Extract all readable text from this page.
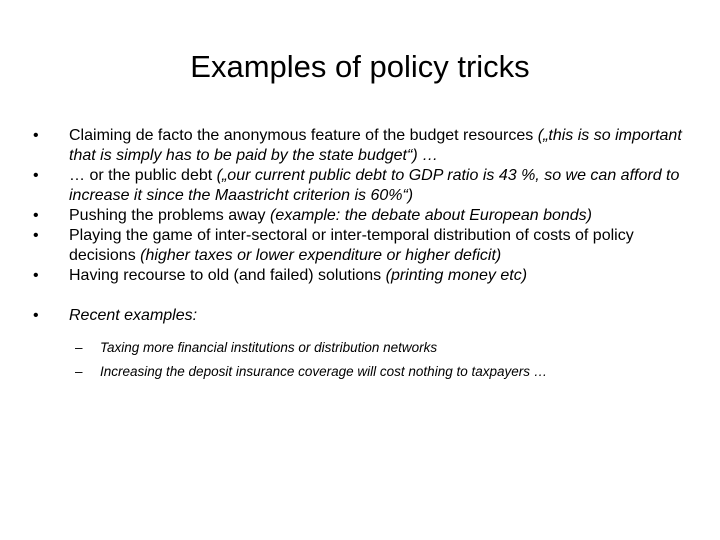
Examples of policy tricks
•	Claiming de facto the anonymous feature of the budget resources („this is so important that is simply has to be paid by the state budget“) …
•	… or the public debt („our current public debt to GDP ratio is 43 %, so we can afford to increase it since the Maastricht criterion is 60%“)
•	Pushing the problems away (example: the debate about European bonds)
•	Playing the game of inter-sectoral or inter-temporal distribution of costs of policy decisions (higher taxes or lower expenditure or higher deficit)
•	Having recourse to old (and failed) solutions (printing money etc)
•	Recent examples:
– Taxing more financial institutions or distribution networks
– Increasing the deposit insurance coverage will cost nothing to taxpayers …
